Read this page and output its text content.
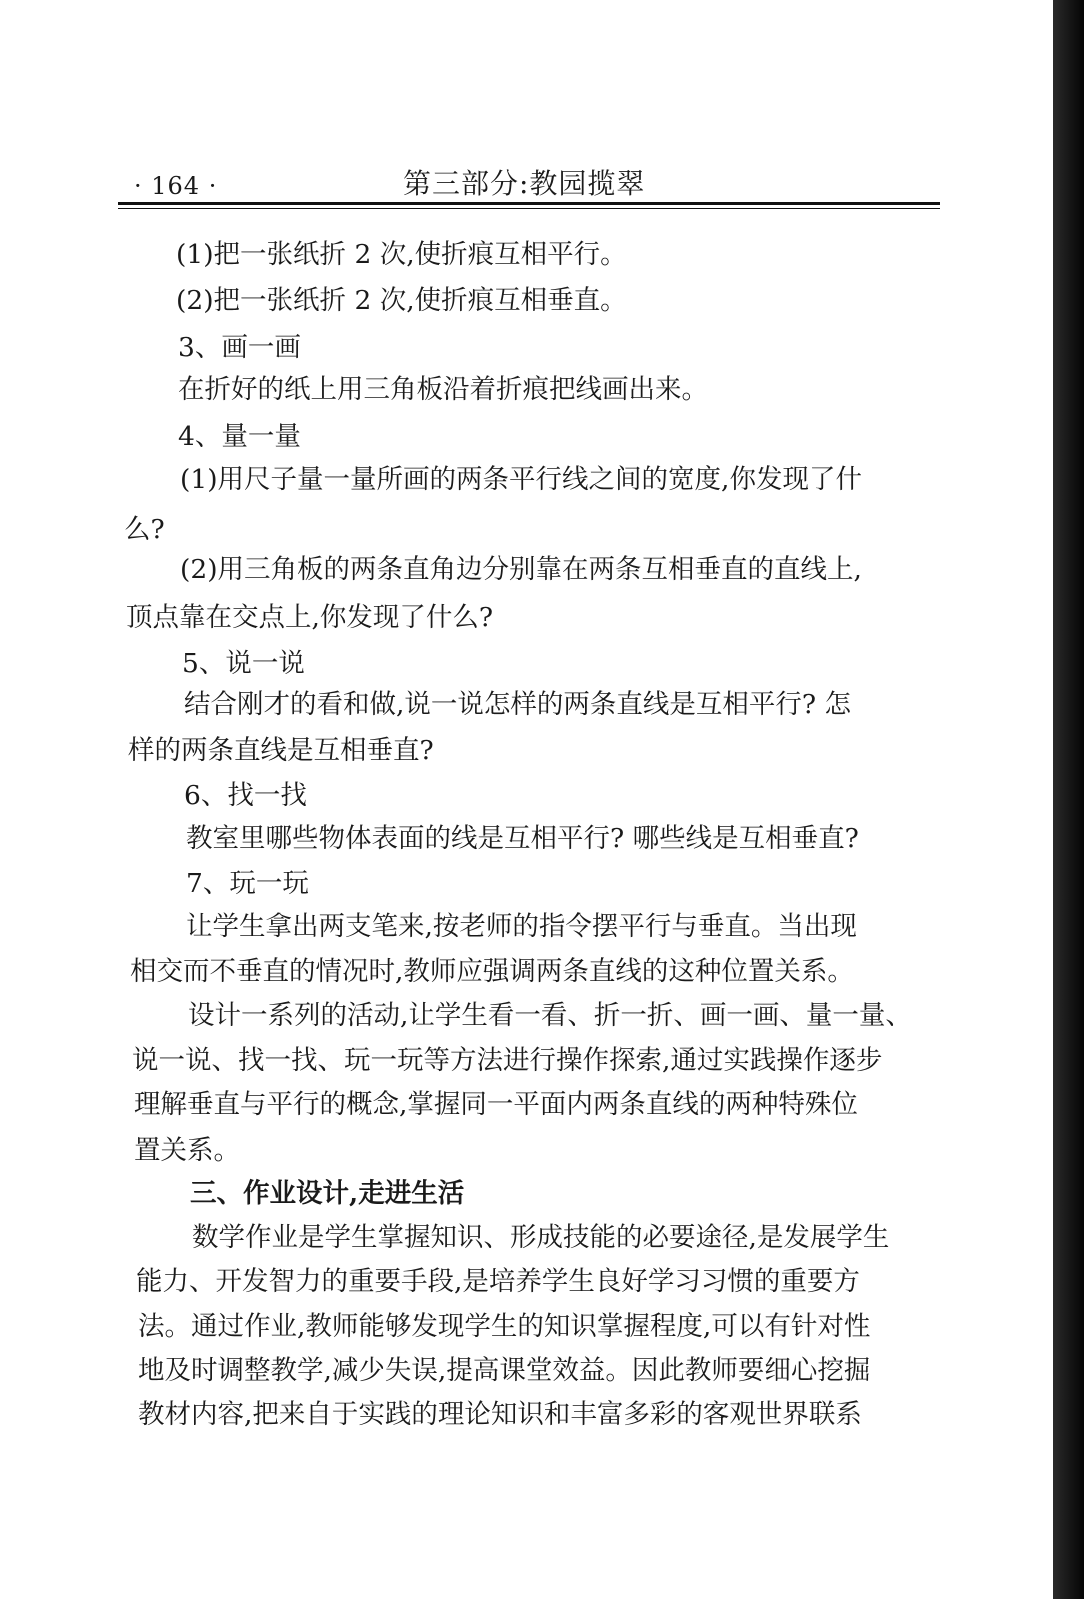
· 164 ·	第三部分:教园揽翠
(1)把一张纸折 2 次,使折痕互相平行。
(2)把一张纸折 2 次,使折痕互相垂直。
3、画一画
在折好的纸上用三角板沿着折痕把线画出来。
4、量一量
(1)用尺子量一量所画的两条平行线之间的宽度,你发现了什
么?
(2)用三角板的两条直角边分别靠在两条互相垂直的直线上,
顶点靠在交点上,你发现了什么?
5、说一说
结合刚才的看和做,说一说怎样的两条直线是互相平行? 怎
样的两条直线是互相垂直?
6、找一找
教室里哪些物体表面的线是互相平行? 哪些线是互相垂直?
7、玩一玩
让学生拿出两支笔来,按老师的指令摆平行与垂直。当出现
相交而不垂直的情况时,教师应强调两条直线的这种位置关系。
设计一系列的活动,让学生看一看、折一折、画一画、量一量、
说一说、找一找、玩一玩等方法进行操作探索,通过实践操作逐步
理解垂直与平行的概念,掌握同一平面内两条直线的两种特殊位
置关系。
三、作业设计,走进生活
数学作业是学生掌握知识、形成技能的必要途径,是发展学生
能力、开发智力的重要手段,是培养学生良好学习习惯的重要方
法。通过作业,教师能够发现学生的知识掌握程度,可以有针对性
地及时调整教学,减少失误,提高课堂效益。因此教师要细心挖掘
教材内容,把来自于实践的理论知识和丰富多彩的客观世界联系
